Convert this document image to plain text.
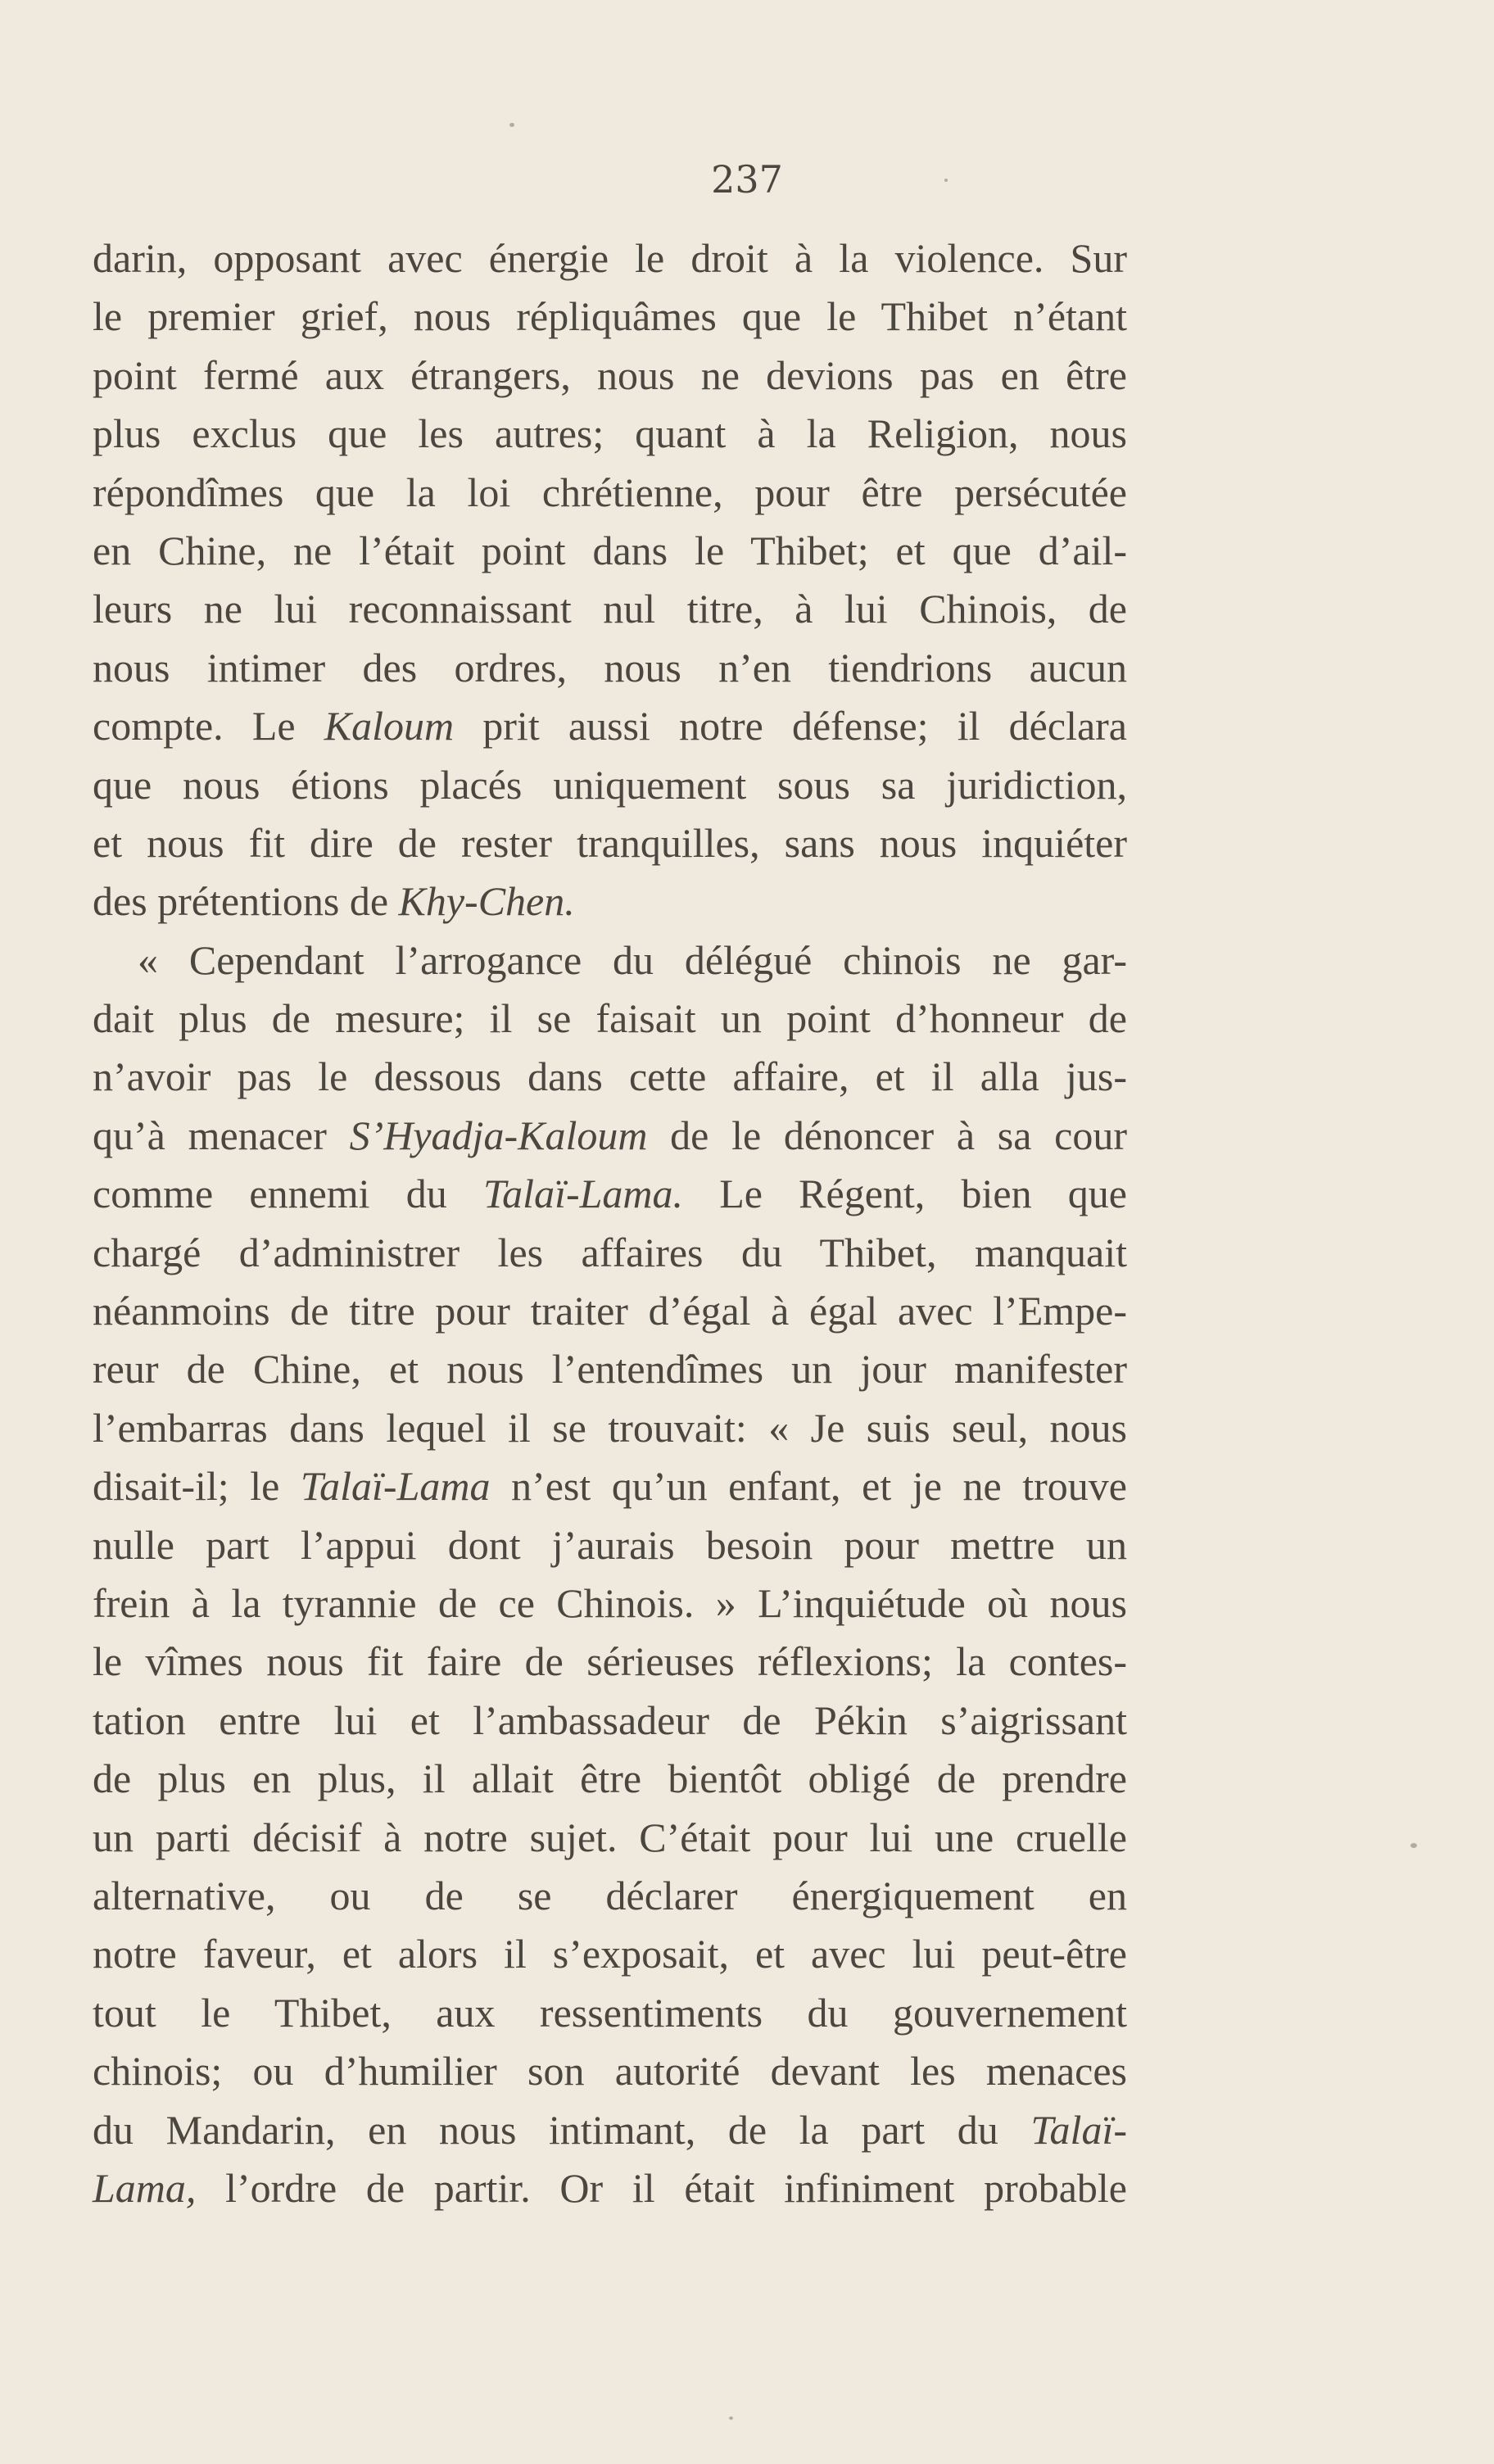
237
darin, opposant avec énergie le droit à la violence. Sur
le premier grief, nous répliquâmes que le Thibet n’étant
point fermé aux étrangers, nous ne devions pas en être
plus exclus que les autres; quant à la Religion, nous
répondîmes que la loi chrétienne, pour être persécutée
en Chine, ne l’était point dans le Thibet; et que d’ail-
leurs ne lui reconnaissant nul titre, à lui Chinois, de
nous intimer des ordres, nous n’en tiendrions aucun
compte. Le Kaloum prit aussi notre défense; il déclara
que nous étions placés uniquement sous sa juridiction,
et nous fit dire de rester tranquilles, sans nous inquiéter
des prétentions de Khy-Chen.
« Cependant l’arrogance du délégué chinois ne gar-
dait plus de mesure; il se faisait un point d’honneur de
n’avoir pas le dessous dans cette affaire, et il alla jus-
qu’à menacer S’Hyadja-Kaloum de le dénoncer à sa cour
comme ennemi du Talaï-Lama. Le Régent, bien que
chargé d’administrer les affaires du Thibet, manquait
néanmoins de titre pour traiter d’égal à égal avec l’Empe-
reur de Chine, et nous l’entendîmes un jour manifester
l’embarras dans lequel il se trouvait: « Je suis seul, nous
disait-il; le Talaï-Lama n’est qu’un enfant, et je ne trouve
nulle part l’appui dont j’aurais besoin pour mettre un
frein à la tyrannie de ce Chinois. » L’inquiétude où nous
le vîmes nous fit faire de sérieuses réflexions; la contes-
tation entre lui et l’ambassadeur de Pékin s’aigrissant
de plus en plus, il allait être bientôt obligé de prendre
un parti décisif à notre sujet. C’était pour lui une cruelle
alternative, ou de se déclarer énergiquement en
notre faveur, et alors il s’exposait, et avec lui peut-être
tout le Thibet, aux ressentiments du gouvernement
chinois; ou d’humilier son autorité devant les menaces
du Mandarin, en nous intimant, de la part du Talaï-
Lama, l’ordre de partir. Or il était infiniment probable
